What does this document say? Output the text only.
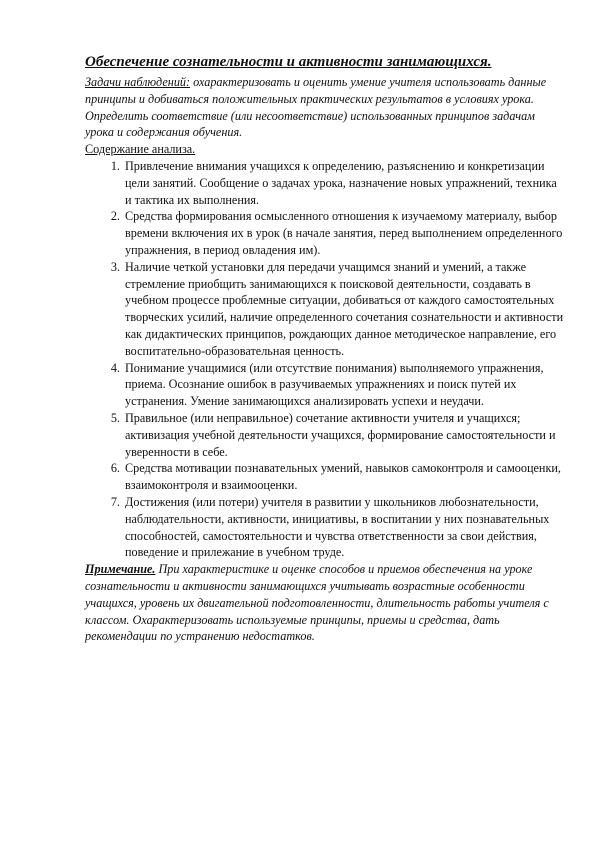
Обеспечение сознательности и активности занимающихся.

Задачи наблюдений: охарактеризовать и оценить умение учителя использовать данные принципы и добиваться положительных практических результатов в условиях урока. Определить соответствие (или несоответствие) использованных принципов задачам урока и содержания обучения.

Содержание анализа.

1. Привлечение внимания учащихся к определению, разъяснению и конкретизации цели занятий. Сообщение о задачах урока, назначение новых упражнений, техника и тактика их выполнения.
2. Средства формирования осмысленного отношения к изучаемому материалу, выбор времени включения их в урок (в начале занятия, перед выполнением определенного упражнения, в период овладения им).
3. Наличие четкой установки для передачи учащимся знаний и умений, а также стремление приобщить занимающихся к поисковой деятельности, создавать в учебном процессе проблемные ситуации, добиваться от каждого самостоятельных творческих усилий, наличие определенного сочетания сознательности и активности как дидактических принципов, рождающих данное методическое направление, его воспитательно-образовательная ценность.
4. Понимание учащимися (или отсутствие понимания) выполняемого упражнения, приема. Осознание ошибок в разучиваемых упражнениях и поиск путей их устранения. Умение занимающихся анализировать успехи и неудачи.
5. Правильное (или неправильное) сочетание активности учителя и учащихся; активизация учебной деятельности учащихся, формирование самостоятельности и уверенности в себе.
6. Средства мотивации познавательных умений, навыков самоконтроля и самооценки, взаимоконтроля и взаимооценки.
7. Достижения (или потери) учителя в развитии у школьников любознательности, наблюдательности, активности, инициативы, в воспитании у них познавательных способностей, самостоятельности и чувства ответственности за свои действия, поведение и прилежание в учебном труде.

Примечание. При характеристике и оценке способов и приемов обеспечения на уроке сознательности и активности занимающихся учитывать возрастные особенности учащихся, уровень их двигательной подготовленности, длительность работы учителя с классом. Охарактеризовать используемые принципы, приемы и средства, дать рекомендации по устранению недостатков.
